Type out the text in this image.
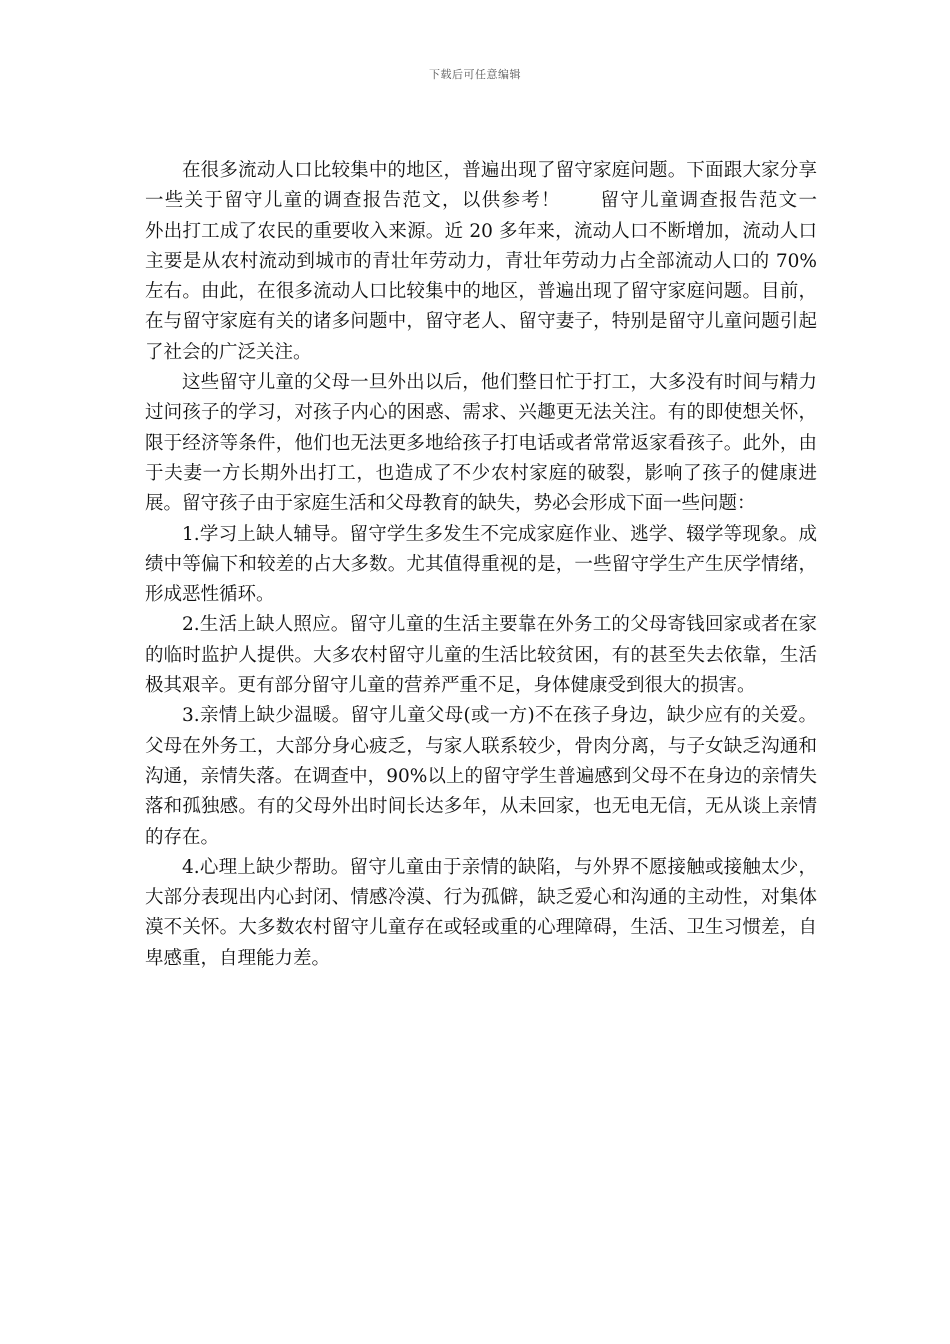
下载后可任意编辑

在很多流动人口比较集中的地区，普遍出现了留守家庭问题。下面跟大家分享一些关于留守儿童的调查报告范文，以供参考！　　留守儿童调查报告范文一　　外出打工成了农民的重要收入来源。近 20 多年来，流动人口不断增加，流动人口主要是从农村流动到城市的青壮年劳动力，青壮年劳动力占全部流动人口的 70%左右。由此，在很多流动人口比较集中的地区，普遍出现了留守家庭问题。目前，在与留守家庭有关的诸多问题中，留守老人、留守妻子，特别是留守儿童问题引起了社会的广泛关注。

这些留守儿童的父母一旦外出以后，他们整日忙于打工，大多没有时间与精力过问孩子的学习，对孩子内心的困惑、需求、兴趣更无法关注。有的即使想关怀，限于经济等条件，他们也无法更多地给孩子打电话或者常常返家看孩子。此外，由于夫妻一方长期外出打工，也造成了不少农村家庭的破裂，影响了孩子的健康进展。留守孩子由于家庭生活和父母教育的缺失，势必会形成下面一些问题：

1.学习上缺人辅导。留守学生多发生不完成家庭作业、逃学、辍学等现象。成绩中等偏下和较差的占大多数。尤其值得重视的是，一些留守学生产生厌学情绪，形成恶性循环。

2.生活上缺人照应。留守儿童的生活主要靠在外务工的父母寄钱回家或者在家的临时监护人提供。大多农村留守儿童的生活比较贫困，有的甚至失去依靠，生活极其艰辛。更有部分留守儿童的营养严重不足，身体健康受到很大的损害。

3.亲情上缺少温暖。留守儿童父母(或一方)不在孩子身边，缺少应有的关爱。父母在外务工，大部分身心疲乏，与家人联系较少，骨肉分离，与子女缺乏沟通和沟通，亲情失落。在调查中，90%以上的留守学生普遍感到父母不在身边的亲情失落和孤独感。有的父母外出时间长达多年，从未回家，也无电无信，无从谈上亲情的存在。

4.心理上缺少帮助。留守儿童由于亲情的缺陷，与外界不愿接触或接触太少，大部分表现出内心封闭、情感冷漠、行为孤僻，缺乏爱心和沟通的主动性，对集体漠不关怀。大多数农村留守儿童存在或轻或重的心理障碍，生活、卫生习惯差，自卑感重，自理能力差。
